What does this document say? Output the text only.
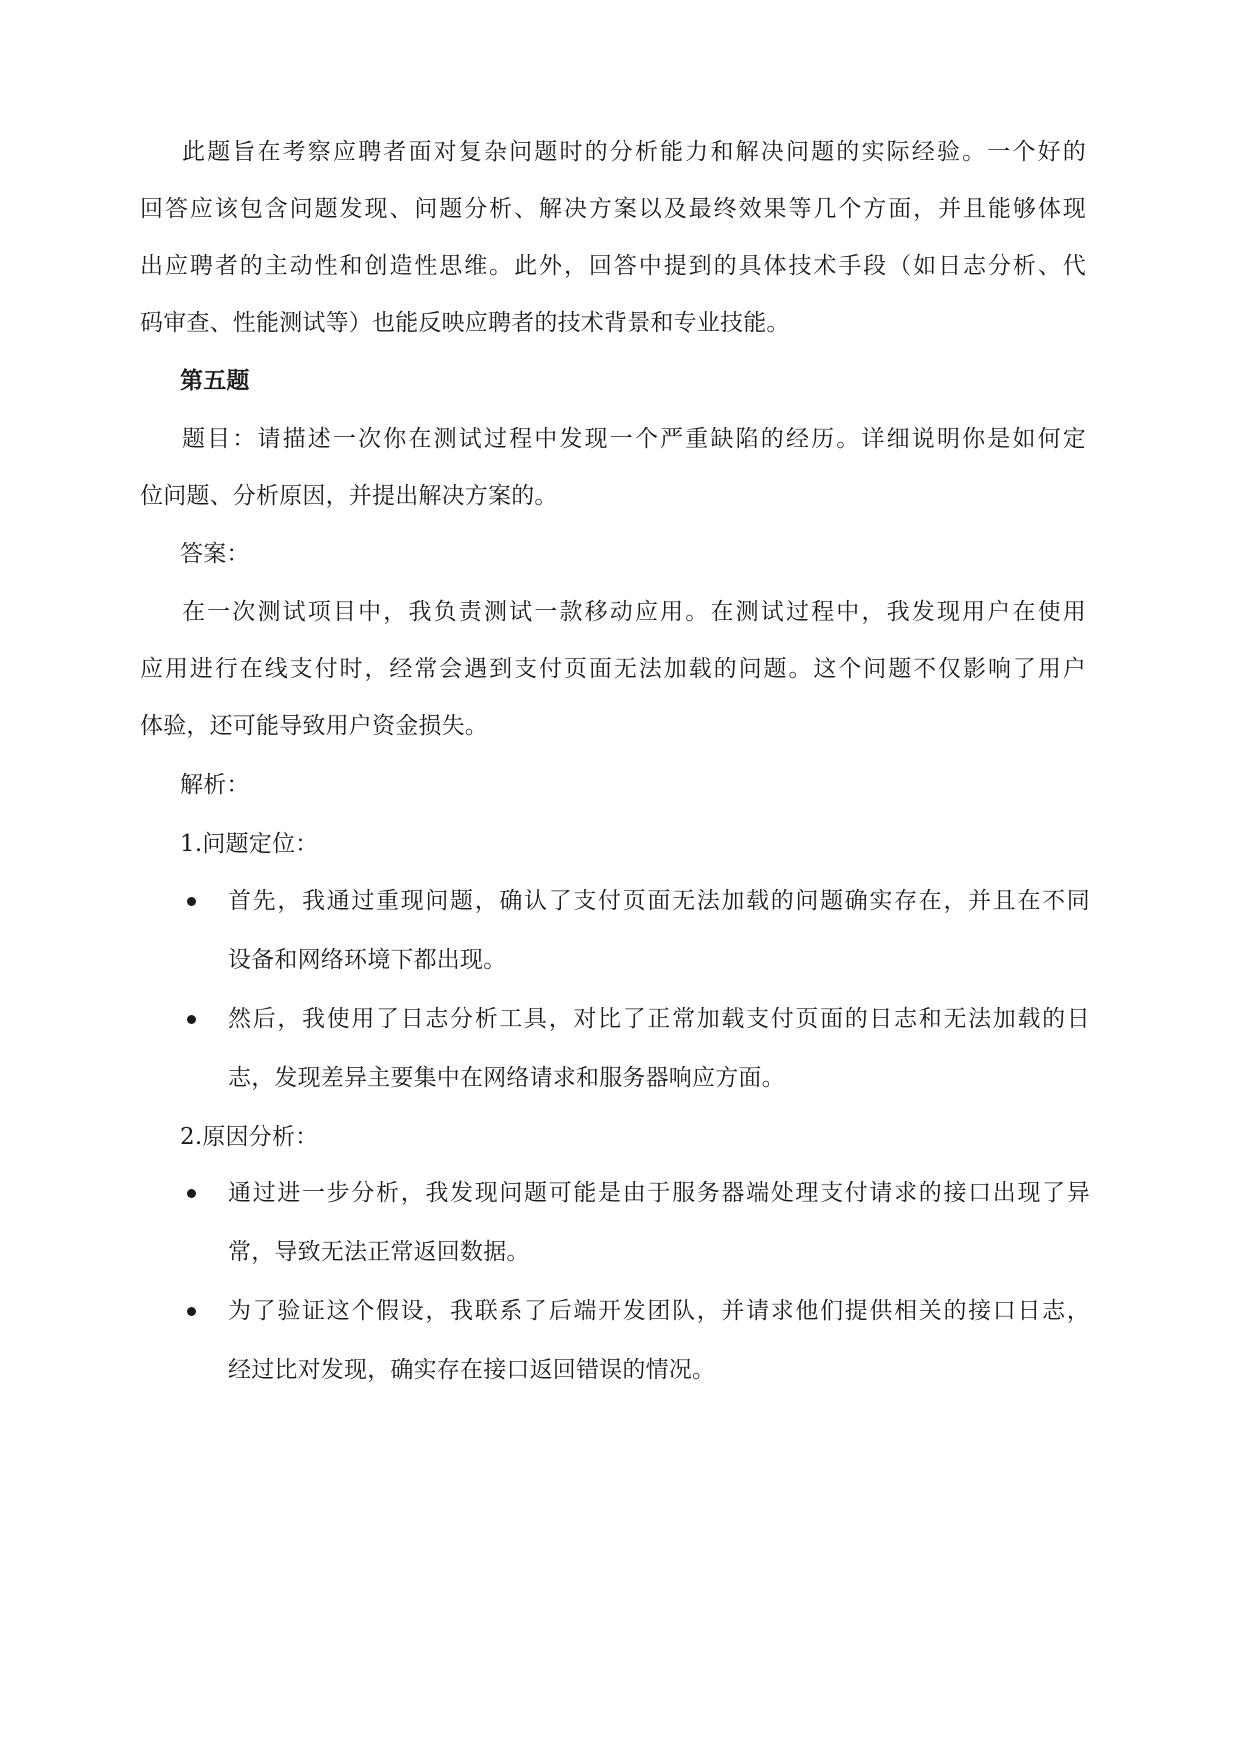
此题旨在考察应聘者面对复杂问题时的分析能力和解决问题的实际经验。一个好的
回答应该包含问题发现、问题分析、解决方案以及最终效果等几个方面，并且能够体现
出应聘者的主动性和创造性思维。此外，回答中提到的具体技术手段（如日志分析、代
码审查、性能测试等）也能反映应聘者的技术背景和专业技能。
第五题
题目：请描述一次你在测试过程中发现一个严重缺陷的经历。详细说明你是如何定
位问题、分析原因，并提出解决方案的。
答案：
在一次测试项目中，我负责测试一款移动应用。在测试过程中，我发现用户在使用
应用进行在线支付时，经常会遇到支付页面无法加载的问题。这个问题不仅影响了用户
体验，还可能导致用户资金损失。
解析：
1.问题定位：
首先，我通过重现问题，确认了支付页面无法加载的问题确实存在，并且在不同
设备和网络环境下都出现。
然后，我使用了日志分析工具，对比了正常加载支付页面的日志和无法加载的日
志，发现差异主要集中在网络请求和服务器响应方面。
2.原因分析：
通过进一步分析，我发现问题可能是由于服务器端处理支付请求的接口出现了异
常，导致无法正常返回数据。
为了验证这个假设，我联系了后端开发团队，并请求他们提供相关的接口日志，
经过比对发现，确实存在接口返回错误的情况。
